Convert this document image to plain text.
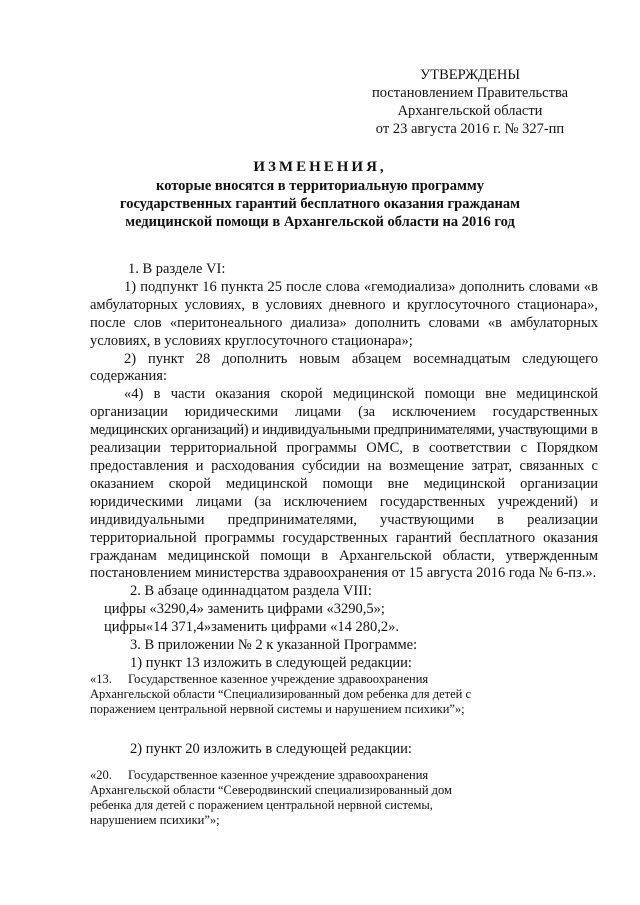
УТВЕРЖДЕНЫ
постановлением Правительства
Архангельской области
от 23 августа 2016 г. № 327-пп
ИЗМЕНЕНИЯ,
которые вносятся в территориальную программу
государственных гарантий бесплатного оказания гражданам
медицинской помощи в Архангельской области на 2016 год

1. В разделе VI:

1) подпункт 16 пункта 25 после слова «гемодиализа» дополнить словами «в амбулаторных условиях, в условиях дневного и круглосуточного стационара», после слов «перитонеального диализа» дополнить словами «в амбулаторных условиях, в условиях круглосуточного стационара»;

2) пункт 28 дополнить новым абзацем восемнадцатым следующего содержания:

«4) в части оказания скорой медицинской помощи вне медицинской организации юридическими лицами (за исключением государственных медицинских организаций) и индивидуальными предпринимателями, участвующими в реализации территориальной программы ОМС, в соответствии с Порядком предоставления и расходования субсидии на возмещение затрат, связанных с оказанием скорой медицинской помощи вне медицинской организации юридическими лицами (за исключением государственных учреждений) и индивидуальными предпринимателями, участвующими в реализации территориальной программы государственных гарантий бесплатного оказания гражданам медицинской помощи в Архангельской области, утвержденным постановлением министерства здравоохранения от 15 августа 2016 года № 6-пз.».

2. В абзаце одиннадцатом раздела VIII:

цифры «3290,4» заменить цифрами «3290,5»;

цифры«14 371,4»заменить цифрами «14 280,2».

3. В приложении № 2 к указанной Программе:

1) пункт 13 изложить в следующей редакции:

«13. Государственное казенное учреждение здравоохранения
Архангельской области “Специализированный дом ребенка для детей с поражением центральной нервной системы и нарушением психики”»;
2) пункт 20 изложить в следующей редакции:
«20. Государственное казенное учреждение здравоохранения
Архангельской области “Северодвинский специализированный дом ребенка для детей с поражением центральной нервной системы, нарушением психики”»;
